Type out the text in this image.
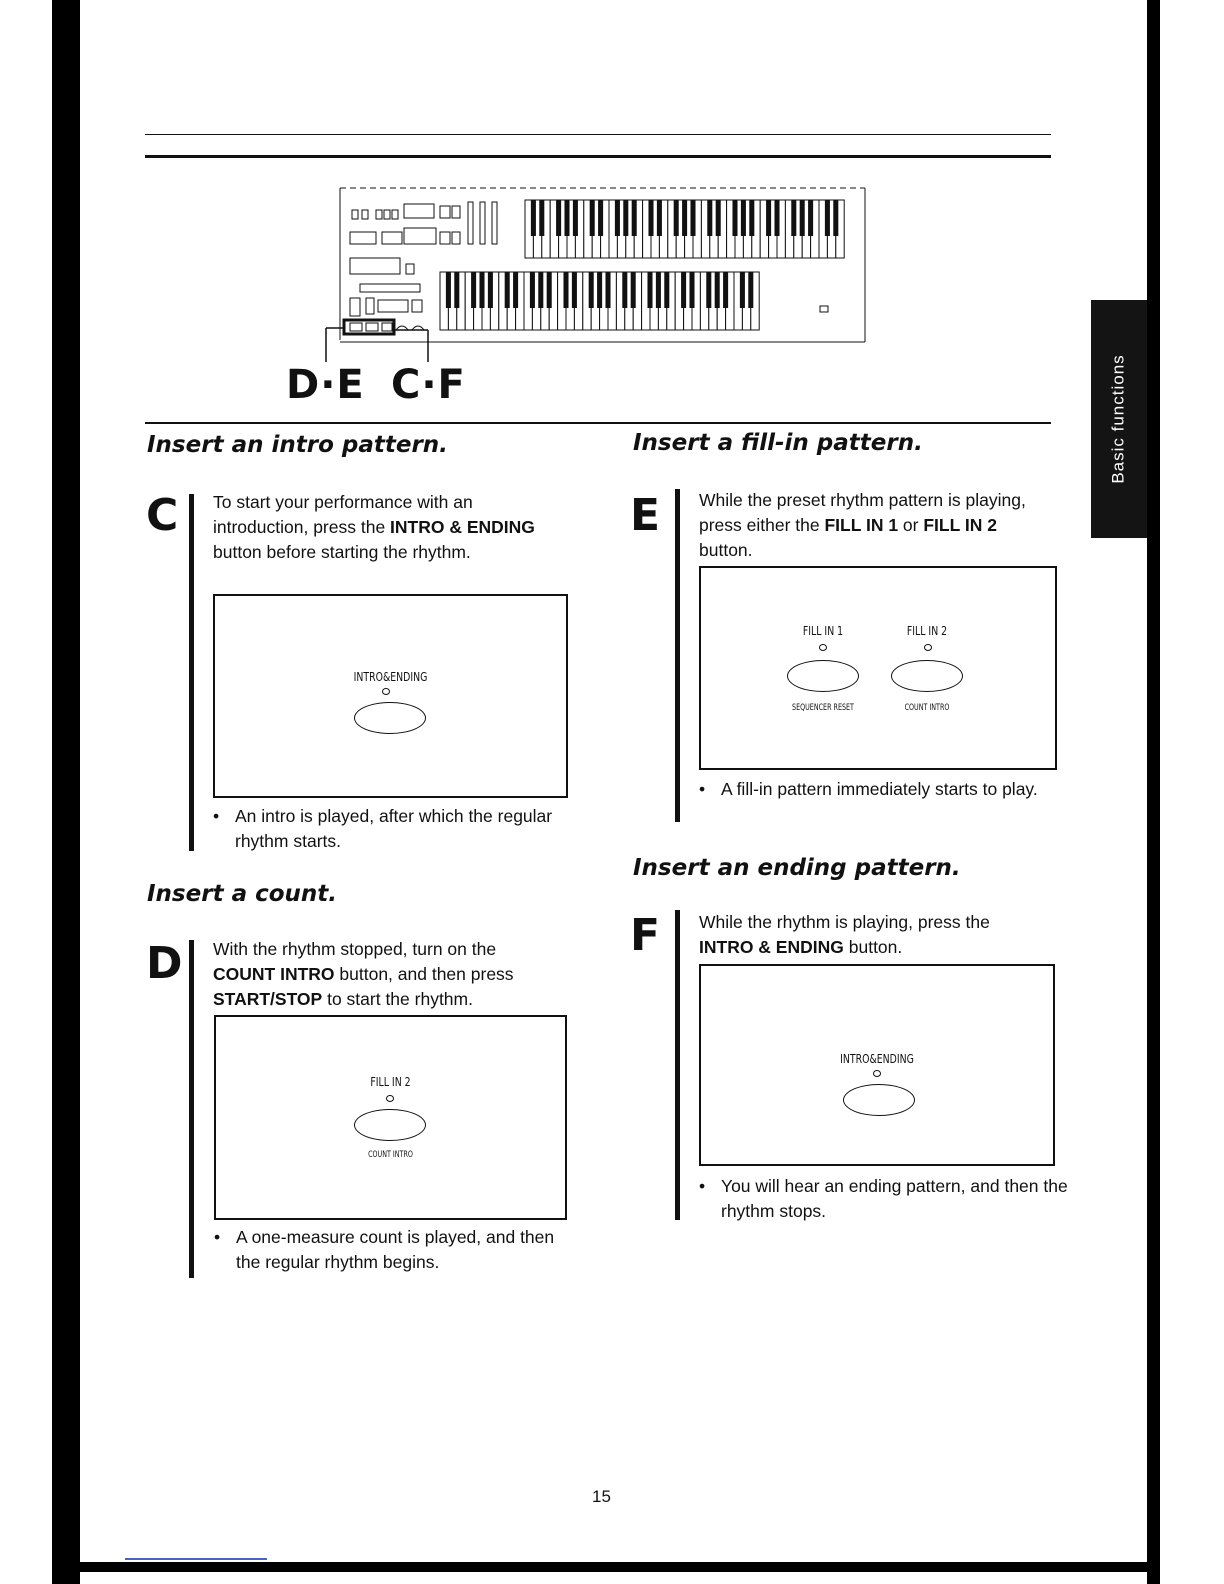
Basic functions
D·E C·F
Insert an intro pattern.
C To start your performance with an introduction, press the INTRO & ENDING button before starting the rhythm.
INTRO&ENDING
• An intro is played, after which the regular rhythm starts.
Insert a count.
D With the rhythm stopped, turn on the COUNT INTRO button, and then press START/STOP to start the rhythm.
FILL IN 2
COUNT INTRO
• A one-measure count is played, and then the regular rhythm begins.
Insert a fill-in pattern.
E While the preset rhythm pattern is playing, press either the FILL IN 1 or FILL IN 2 button.
FILL IN 1
SEQUENCER RESET
FILL IN 2
COUNT INTRO
• A fill-in pattern immediately starts to play.
Insert an ending pattern.
F While the rhythm is playing, press the INTRO & ENDING button.
INTRO&ENDING
• You will hear an ending pattern, and then the rhythm stops.
15
